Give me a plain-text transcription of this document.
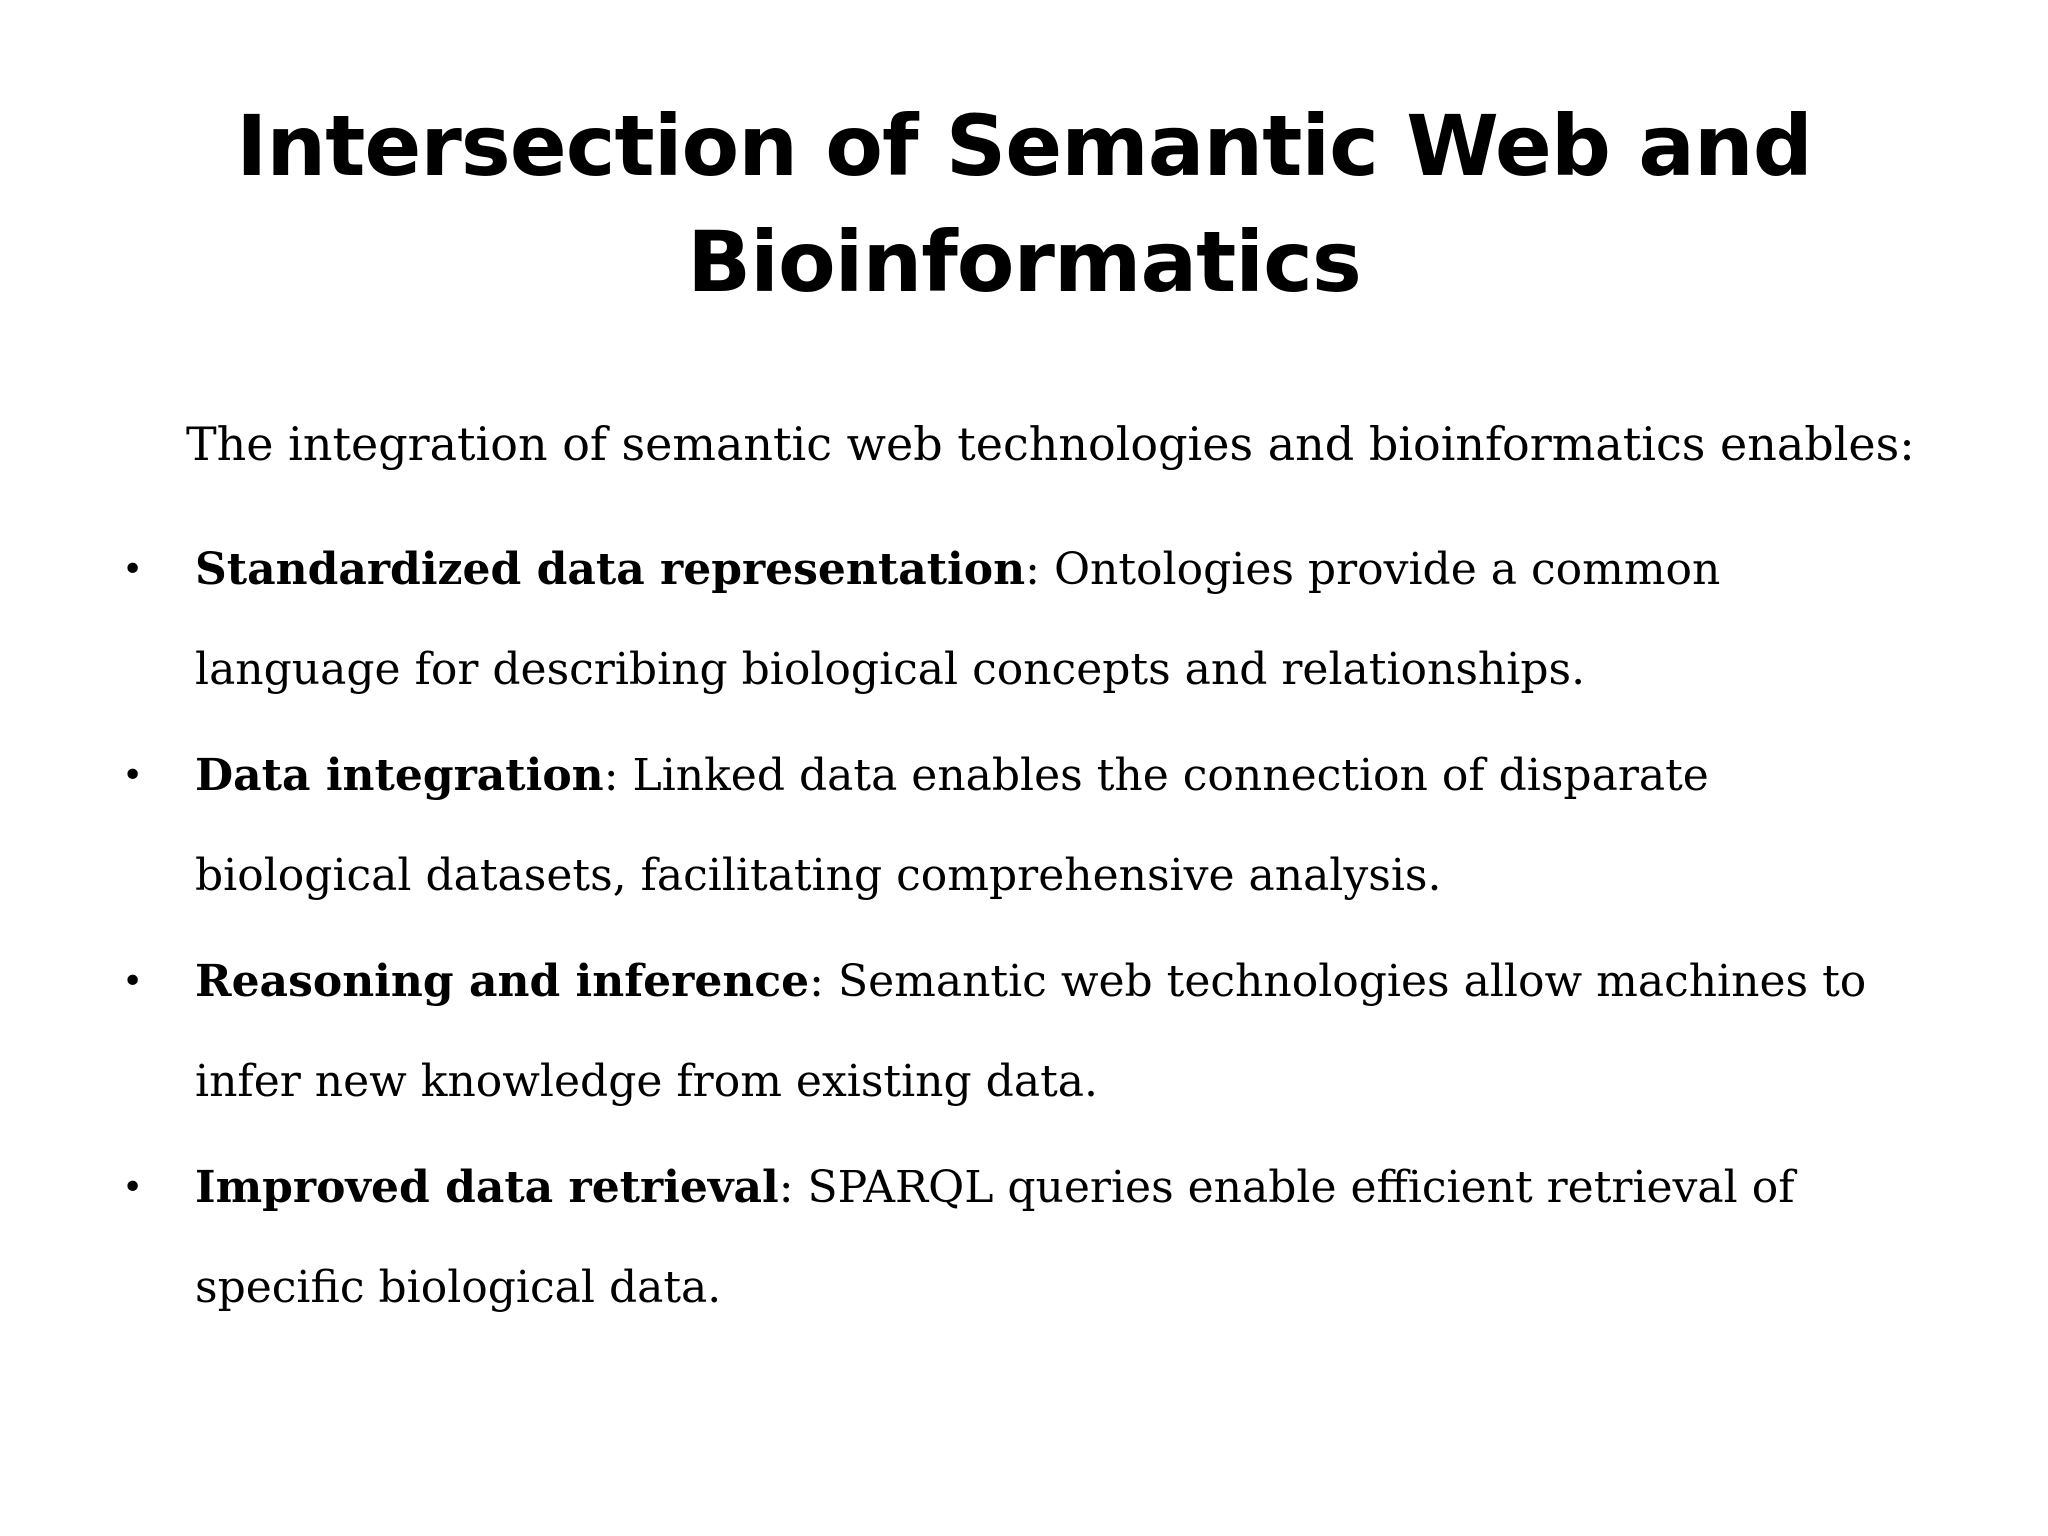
Intersection of Semantic Web and Bioinformatics
The integration of semantic web technologies and bioinformatics enables:
• Standardized data representation: Ontologies provide a common language for describing biological concepts and relationships.
• Data integration: Linked data enables the connection of disparate biological datasets, facilitating comprehensive analysis.
• Reasoning and inference: Semantic web technologies allow machines to infer new knowledge from existing data.
• Improved data retrieval: SPARQL queries enable efficient retrieval of specific biological data.
